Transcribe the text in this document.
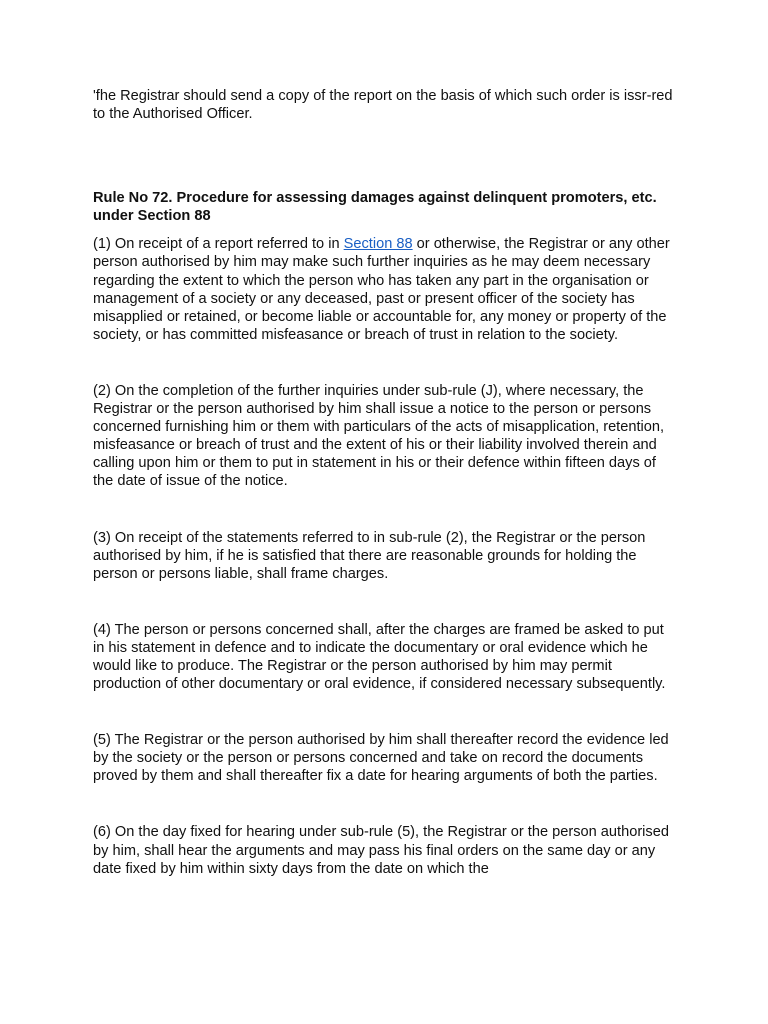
'fhe Registrar should send a copy of the report on the basis of which such order is issr-red to the Authorised Officer.

Rule No 72. Procedure for assessing damages against delinquent promoters, etc. under Section 88

(1) On receipt of a report referred to in Section 88 or otherwise, the Registrar or any other person authorised by him may make such further inquiries as he may deem necessary regarding the extent to which the person who has taken any part in the organisation or management of a society or any deceased, past or present officer of the society has misapplied or retained, or become liable or accountable for, any money or property of the society, or has committed misfeasance or breach of trust in relation to the society.

(2) On the completion of the further inquiries under sub-rule (J), where necessary, the Registrar or the person authorised by him shall issue a notice to the person or persons concerned furnishing him or them with particulars of the acts of misapplication, retention, misfeasance or breach of trust and the extent of his or their liability involved therein and calling upon him or them to put in statement in his or their defence within fifteen days of the date of issue of the notice.

(3) On receipt of the statements referred to in sub-rule (2), the Registrar or the person authorised by him, if he is satisfied that there are reasonable grounds for holding the person or persons liable, shall frame charges.

(4) The person or persons concerned shall, after the charges are framed be asked to put in his statement in defence and to indicate the documentary or oral evidence which he would like to produce. The Registrar or the person authorised by him may permit production of other documentary or oral evidence, if considered necessary subsequently.

(5) The Registrar or the person authorised by him shall thereafter record the evidence led by the society or the person or persons concerned and take on record the documents proved by them and shall thereafter fix a date for hearing arguments of both the parties.

(6) On the day fixed for hearing under sub-rule (5), the Registrar or the person authorised by him, shall hear the arguments and may pass his final orders on the same day or any date fixed by him within sixty days from the date on which the
